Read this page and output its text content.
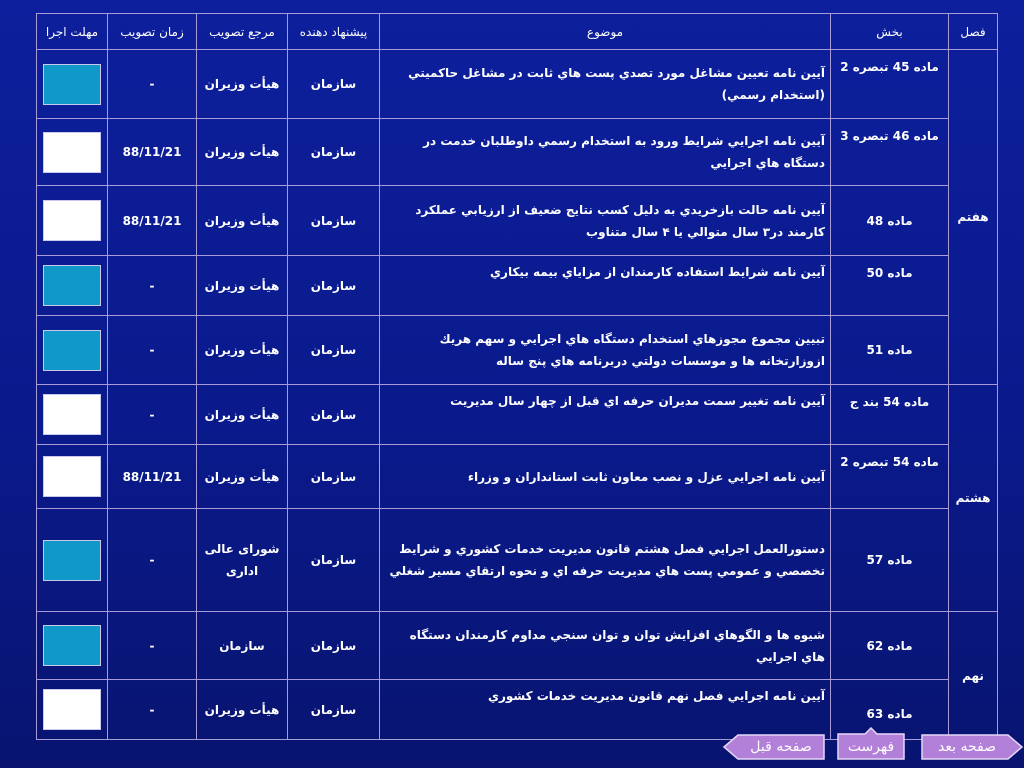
فصل	بخش	موضوع	پيشنهاد دهنده	مرجع تصويب	زمان تصويب	مهلت اجرا
هفتم	ماده 45 تبصره 2	آيين نامه تعيين مشاغل مورد تصدي پست هاي ثابت در مشاغل حاكميتي (استخدام رسمي)	سازمان	هيأت وزيران	-	
	ماده 46 تبصره 3	آيين نامه اجرايي شرايط ورود به استخدام رسمي داوطلبان خدمت در دستگاه هاي اجرايي	سازمان	هيأت وزيران	88/11/21	
	ماده 48	آيين نامه حالت بازخريدي به دليل كسب نتايج ضعيف از ارزيابي عملكرد كارمند در۳ سال متوالي يا ۴ سال متناوب	سازمان	هيأت وزيران	88/11/21	
	ماده 50	آيين نامه شرايط استفاده كارمندان از مزاياي بيمه بيكاري	سازمان	هيأت وزيران	-	
	ماده 51	تبيين مجموع مجوزهاي استخدام دستگاه هاي اجرايي و سهم هريك ازوزارتخانه ها و موسسات دولتي دربرنامه هاي پنج ساله	سازمان	هيأت وزيران	-	
هشتم	ماده 54 بند ج	آيين نامه تغيير سمت مديران حرفه اي قبل از چهار سال مديريت	سازمان	هيأت وزيران	-	
	ماده 54 تبصره 2	آيين نامه اجرايي عزل و نصب معاون ثابت استانداران و وزراء	سازمان	هيأت وزيران	88/11/21	
	ماده 57	دستورالعمل اجرايي فصل هشتم قانون مديريت خدمات كشوري و شرايط تخصصي و عمومي پست هاي مديريت حرفه اي و نحوه ارتقاي مسير شغلي	سازمان	شورای عالی اداری	-	
نهم	ماده 62	شيوه ها و الگوهاي افزايش توان و توان سنجي مداوم كارمندان دستگاه هاي اجرايي	سازمان	سازمان	-	
	ماده 63	آيين نامه اجرايي فصل نهم قانون مديريت خدمات كشوري	سازمان	هيأت وزيران	-	
صفحه بعد
فهرست
صفحه قبل
